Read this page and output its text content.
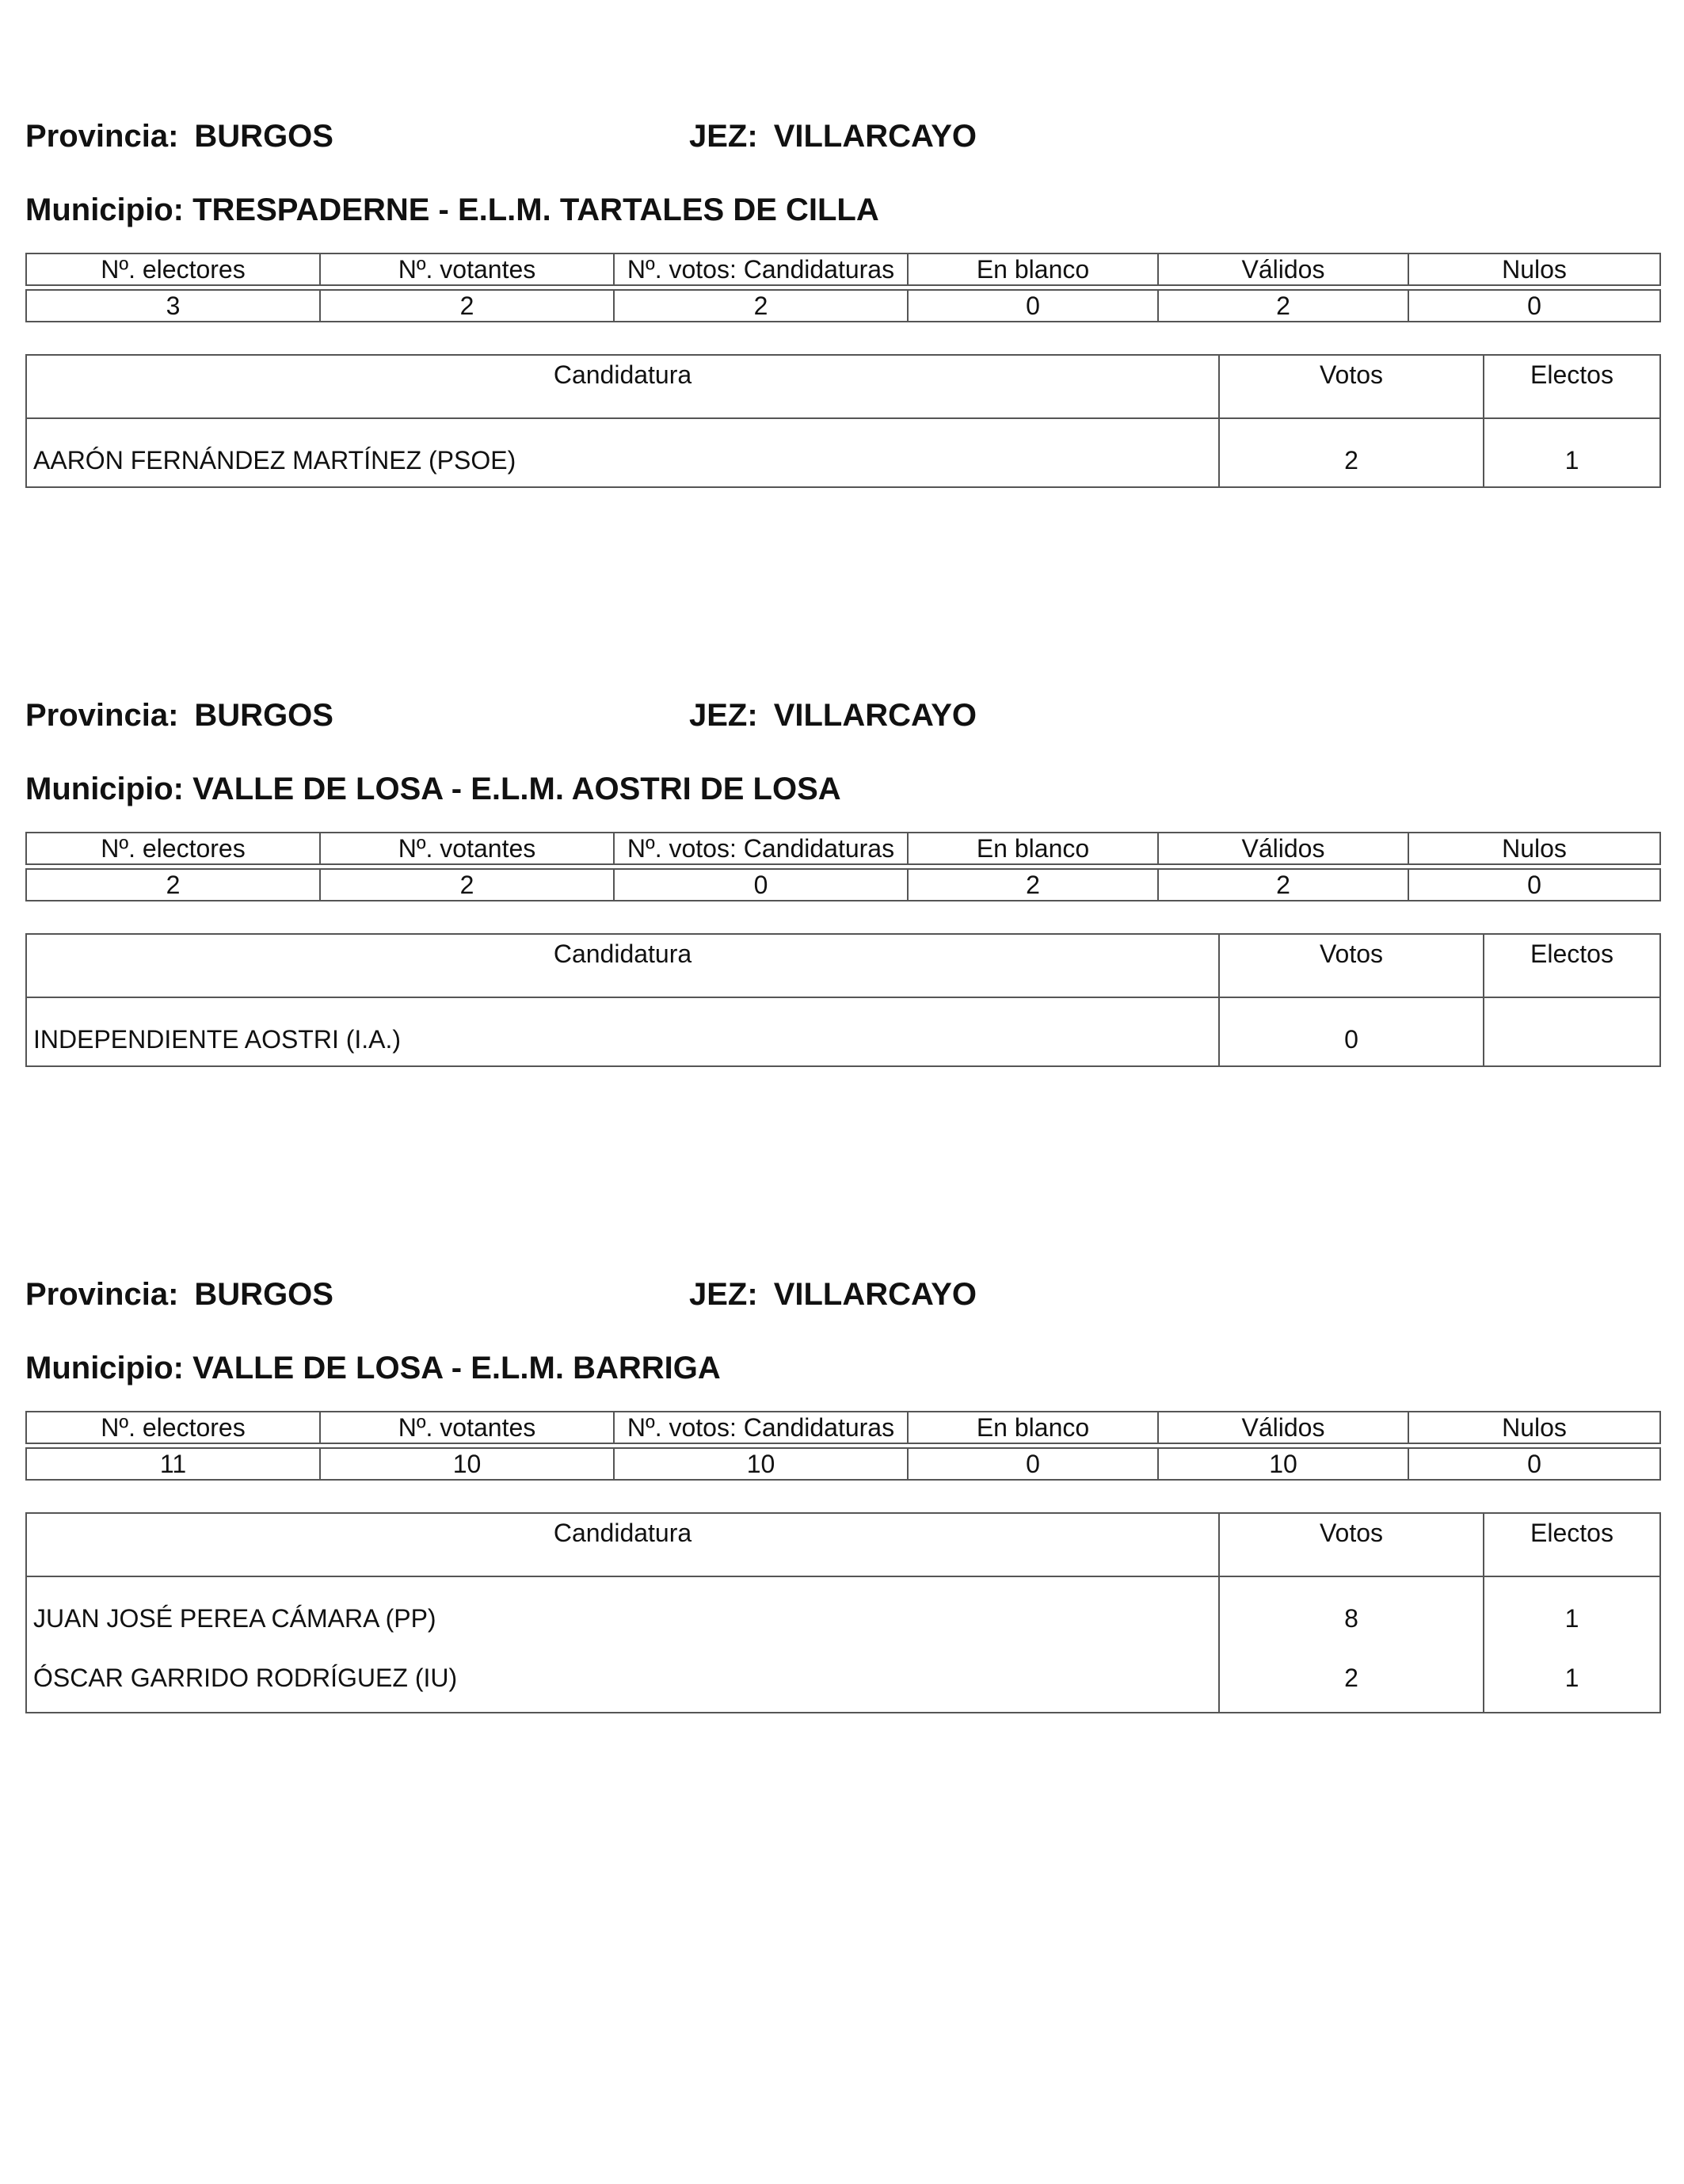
Provincia: BURGOS	JEZ: VILLARCAYO
Municipio: TRESPADERNE - E.L.M. TARTALES DE CILLA
Nº. electores	Nº. votantes	Nº. votos: Candidaturas	En blanco	Válidos	Nulos

3	2	2	0	2	0
Candidatura	Votos	Electos
AARÓN FERNÁNDEZ MARTÍNEZ (PSOE)	2	1
Provincia: BURGOS	JEZ: VILLARCAYO
Municipio: VALLE DE LOSA - E.L.M. AOSTRI DE LOSA
Nº. electores	Nº. votantes	Nº. votos: Candidaturas	En blanco	Válidos	Nulos

2	2	0	2	2	0
Candidatura	Votos	Electos
INDEPENDIENTE AOSTRI (I.A.)	0	
Provincia: BURGOS	JEZ: VILLARCAYO
Municipio: VALLE DE LOSA - E.L.M. BARRIGA
Nº. electores	Nº. votantes	Nº. votos: Candidaturas	En blanco	Válidos	Nulos

11	10	10	0	10	0
Candidatura	Votos	Electos
JUAN JOSÉ PEREA CÁMARA (PP)	8	1
ÓSCAR GARRIDO RODRÍGUEZ (IU)	2	1
